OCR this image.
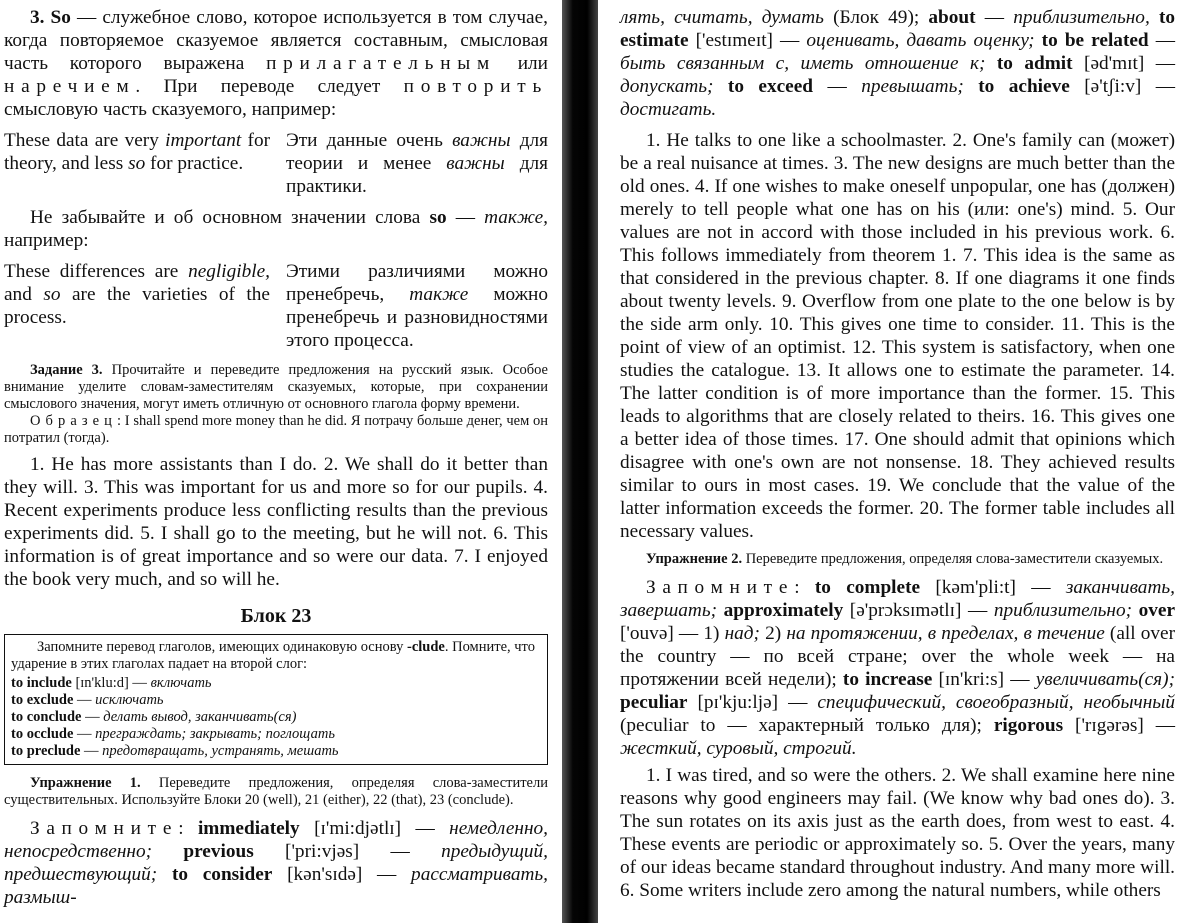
3. So — служебное слово, которое используется в том случае, когда повторяемое сказуемое является составным, смысловая часть которого выражена прилагательным или наречием. При переводе следует повторить смысловую часть сказуемого, например:

These data are very important for theory, and less so for practice.

Эти данные очень важны для теории и менее важны для практики.

Не забывайте и об основном значении слова so — также, например:

These differences are negligible, and so are the varieties of the process.

Этими различиями можно пренебречь, также можно пренебречь и разновидностями этого процесса.

Задание 3. Прочитайте и переведите предложения на русский язык. Особое внимание уделите словам-заместителям сказуемых, которые, при сохранении смыслового значения, могут иметь отличную от основного глагола форму времени.

Образец: I shall spend more money than he did. Я потрачу больше денег, чем он потратил (тогда).

1. He has more assistants than I do. 2. We shall do it better than they will. 3. This was important for us and more so for our pupils. 4. Recent experiments produce less conflicting results than the previous experiments did. 5. I shall go to the meeting, but he will not. 6. This information is of great importance and so were our data. 7. I enjoyed the book very much, and so will he.

Блок 23

Запомните перевод глаголов, имеющих одинаковую основу -clude. Помните, что ударение в этих глаголах падает на второй слог:

to include [ɪn'klu:d] — включать
to exclude — исключать
to conclude — делать вывод, заканчивать(ся)
to occlude — преграждать; закрывать; поглощать
to preclude — предотвращать, устранять, мешать

Упражнение 1. Переведите предложения, определяя слова-заместители существительных. Используйте Блоки 20 (well), 21 (either), 22 (that), 23 (conclude).

Запомните: immediately [ɪ'mi:djətlɪ] — немедленно, непосредственно; previous ['pri:vjəs] — предыдущий, предшествующий; to consider [kən'sɪdə] — рассматривать, размыш-

лять, считать, думать (Блок 49); about — приблизительно, to estimate ['estɪmeɪt] — оценивать, давать оценку; to be related — быть связанным с, иметь отношение к; to admit [əd'mɪt] — допускать; to exceed — превышать; to achieve [ə'tʃi:v] — достигать.

1. He talks to one like a schoolmaster. 2. One's family can (может) be a real nuisance at times. 3. The new designs are much better than the old ones. 4. If one wishes to make oneself unpopular, one has (должен) merely to tell people what one has on his (или: one's) mind. 5. Our values are not in accord with those included in his previous work. 6. This follows immediately from theorem 1. 7. This idea is the same as that considered in the previous chapter. 8. If one diagrams it one finds about twenty levels. 9. Overflow from one plate to the one below is by the side arm only. 10. This gives one time to consider. 11. This is the point of view of an optimist. 12. This system is satisfactory, when one studies the catalogue. 13. It allows one to estimate the parameter. 14. The latter condition is of more importance than the former. 15. This leads to algorithms that are closely related to theirs. 16. This gives one a better idea of those times. 17. One should admit that opinions which disagree with one's own are not nonsense. 18. They achieved results similar to ours in most cases. 19. We conclude that the value of the latter information exceeds the former. 20. The former table includes all necessary values.

Упражнение 2. Переведите предложения, определяя слова-заместители сказуемых.

Запомните: to complete [kəm'pli:t] — заканчивать, завершать; approximately [ə'prɔksɪmətlɪ] — приблизительно; over ['ouvə] — 1) над; 2) на протяжении, в пределах, в течение (all over the country — по всей стране; over the whole week — на протяжении всей недели); to increase [ɪn'kri:s] — увеличивать(ся); peculiar [pɪ'kju:ljə] — специфический, своеобразный, необычный (peculiar to — характерный только для); rigorous ['rɪgərəs] — жесткий, суровый, строгий.

1. I was tired, and so were the others. 2. We shall examine here nine reasons why good engineers may fail. (We know why bad ones do). 3. The sun rotates on its axis just as the earth does, from west to east. 4. These events are periodic or approximately so. 5. Over the years, many of our ideas became standard throughout industry. And many more will. 6. Some writers include zero among the natural numbers, while others
